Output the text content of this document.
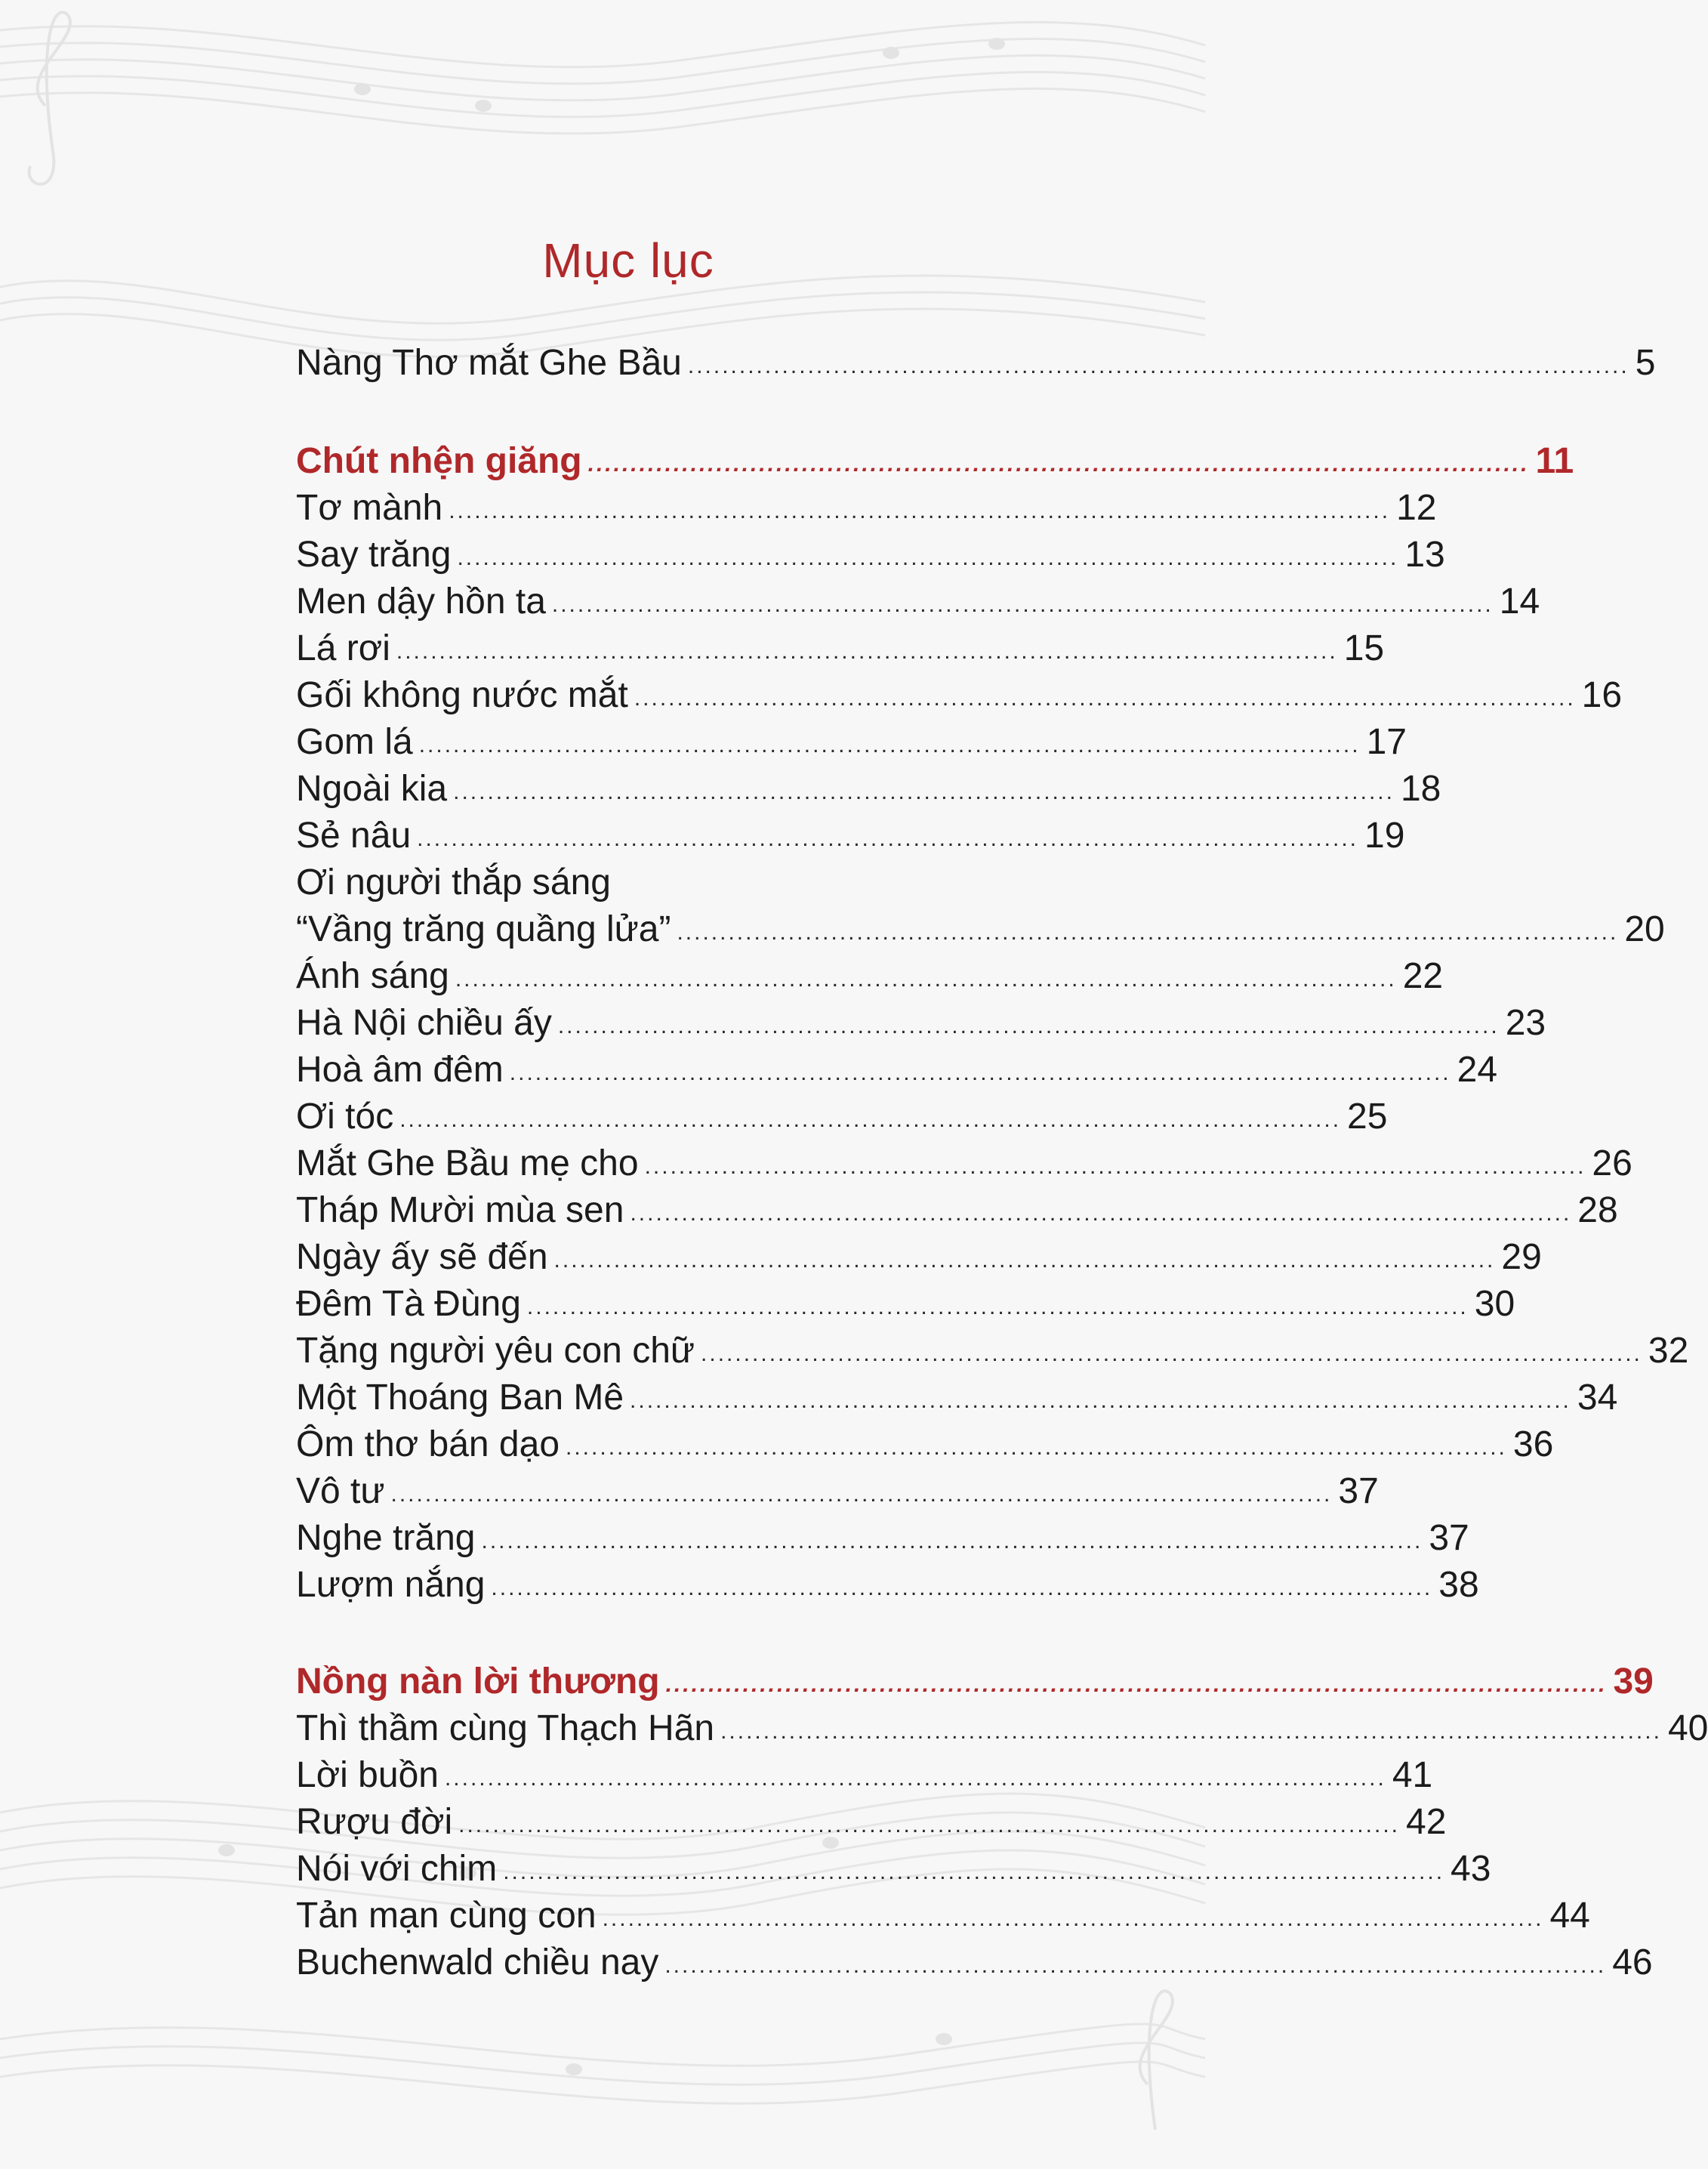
Mục lục
Nàng Thơ mắt Ghe Bầu .............................................................................................................. 5
Chút nhện giăng .............................................................................................................. 11
Tơ mành .............................................................................................................. 12
Say trăng .............................................................................................................. 13
Men dậy hồn ta .............................................................................................................. 14
Lá rơi .............................................................................................................. 15
Gối không nước mắt .............................................................................................................. 16
Gom lá .............................................................................................................. 17
Ngoài kia .............................................................................................................. 18
Sẻ nâu .............................................................................................................. 19
Ơi người thắp sáng
“Vầng trăng quầng lửa” .............................................................................................................. 20
Ánh sáng .............................................................................................................. 22
Hà Nội chiều ấy .............................................................................................................. 23
Hoà âm đêm .............................................................................................................. 24
Ơi tóc .............................................................................................................. 25
Mắt Ghe Bầu mẹ cho .............................................................................................................. 26
Tháp Mười mùa sen .............................................................................................................. 28
Ngày ấy sẽ đến .............................................................................................................. 29
Đêm Tà Đùng .............................................................................................................. 30
Tặng người yêu con chữ .............................................................................................................. 32
Một Thoáng Ban Mê .............................................................................................................. 34
Ôm thơ bán dạo .............................................................................................................. 36
Vô tư .............................................................................................................. 37
Nghe trăng .............................................................................................................. 37
Lượm nắng .............................................................................................................. 38
Nồng nàn lời thương .............................................................................................................. 39
Thì thầm cùng Thạch Hãn .............................................................................................................. 40
Lời buồn .............................................................................................................. 41
Rượu đời .............................................................................................................. 42
Nói với chim .............................................................................................................. 43
Tản mạn cùng con .............................................................................................................. 44
Buchenwald chiều nay .............................................................................................................. 46
